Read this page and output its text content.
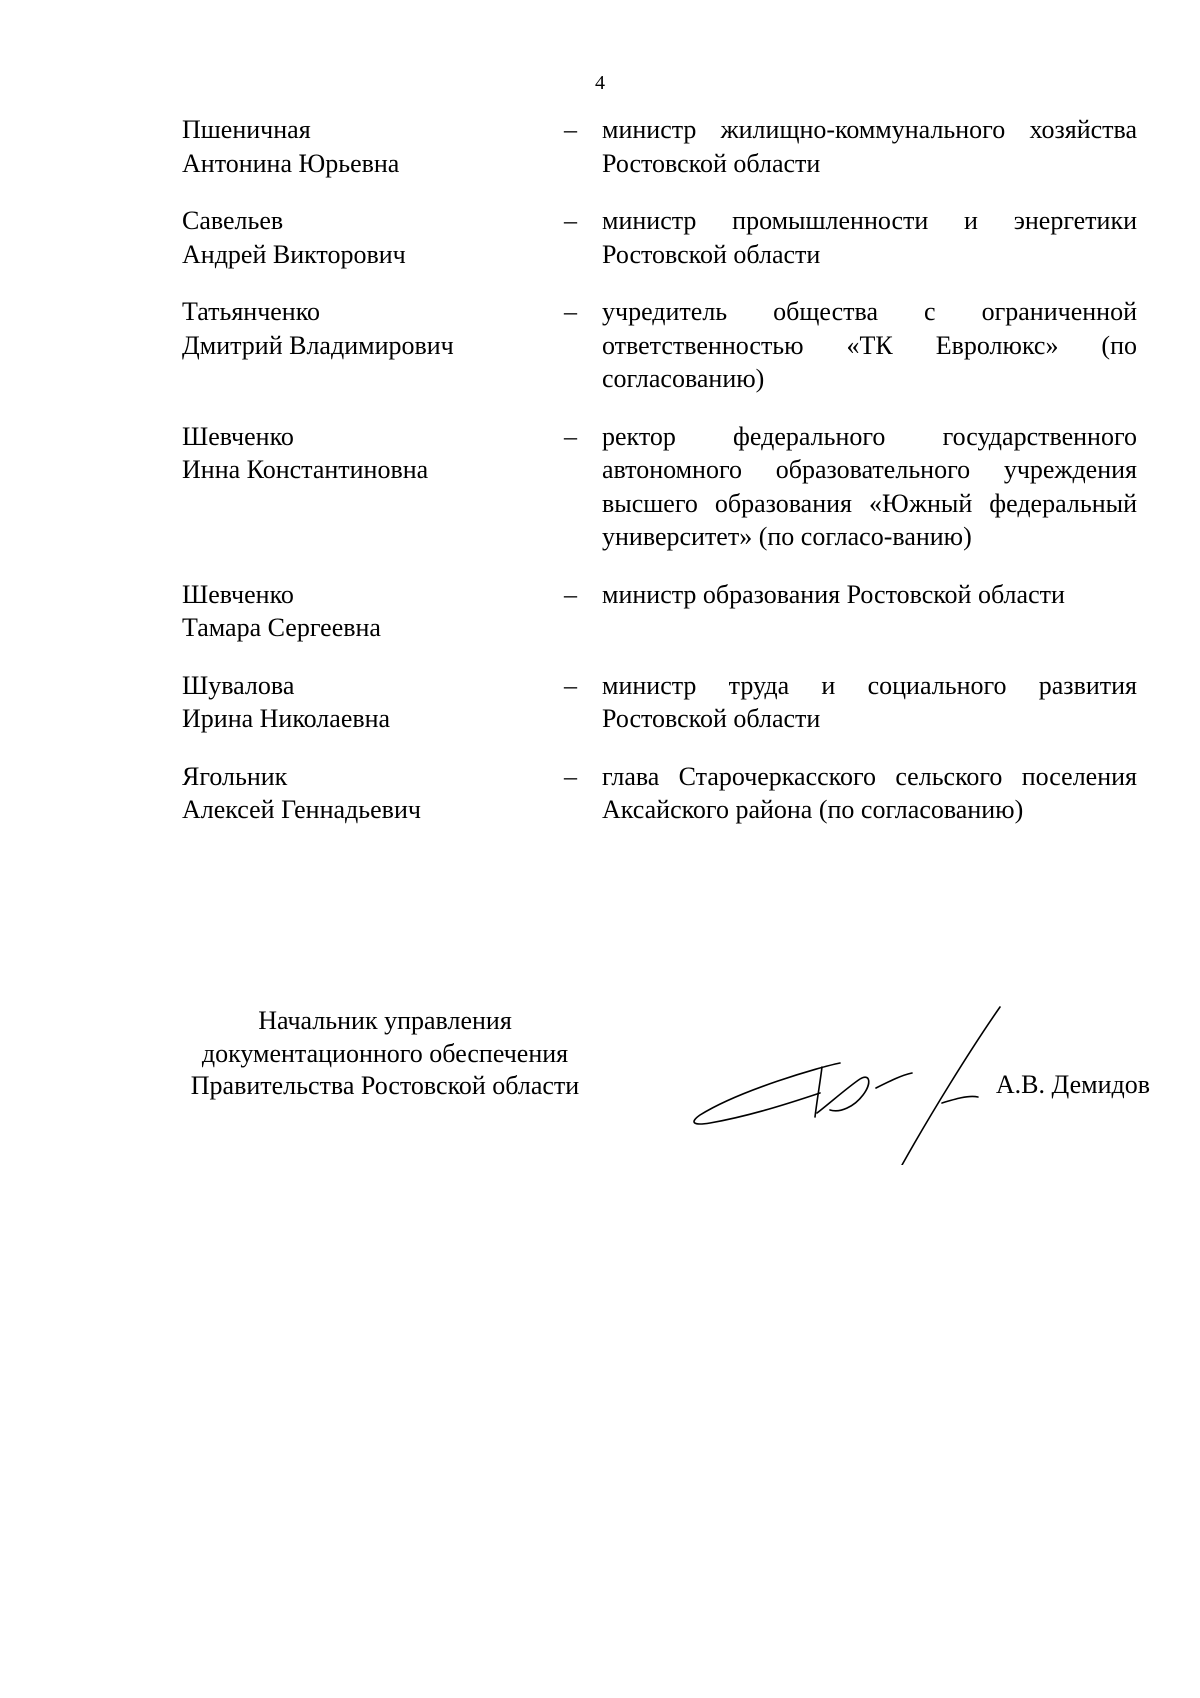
4
Пшеничная
Антонина Юрьевна
– министр жилищно-коммунального хозяйства Ростовской области
Савельев
Андрей Викторович
– министр промышленности и энергетики Ростовской области
Татьянченко
Дмитрий Владимирович
– учредитель общества с ограниченной ответственностью «ТК Евролюкс» (по согласованию)
Шевченко
Инна Константиновна
– ректор федерального государственного автономного образовательного учреждения высшего образования «Южный федеральный университет» (по согласо-ванию)
Шевченко
Тамара Сергеевна
– министр образования Ростовской области
Шувалова
Ирина Николаевна
– министр труда и социального развития Ростовской области
Ягольник
Алексей Геннадьевич
– глава Старочеркасского сельского поселения Аксайского района (по согласованию)
Начальник управления
документационного обеспечения
Правительства Ростовской области	А.В. Демидов
